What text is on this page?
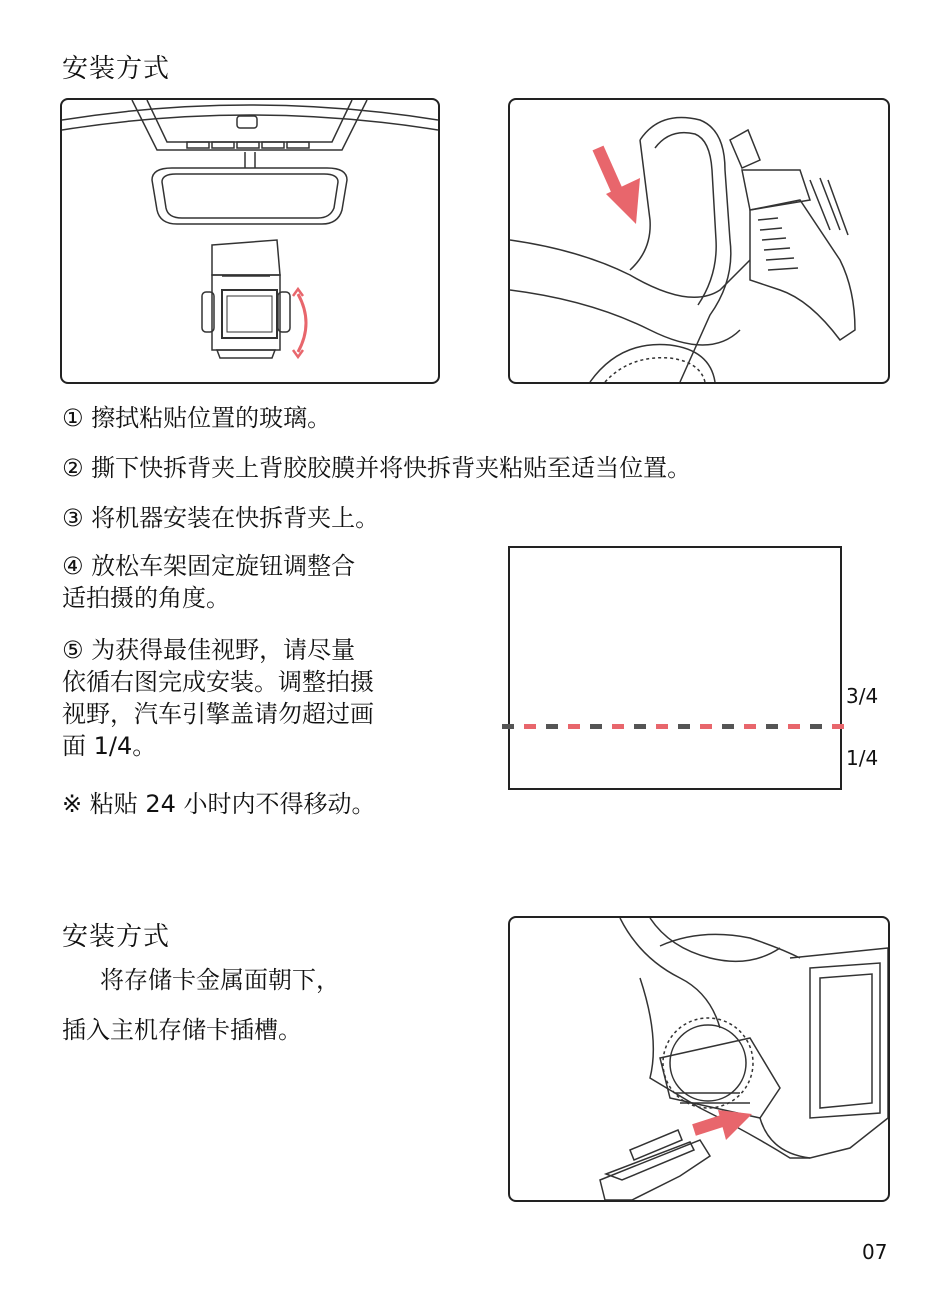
安装方式
① 擦拭粘贴位置的玻璃。
② 撕下快拆背夹上背胶胶膜并将快拆背夹粘贴至适当位置。
③ 将机器安装在快拆背夹上。
④ 放松车架固定旋钮调整合
适拍摄的角度。
⑤ 为获得最佳视野，请尽量
依循右图完成安装。调整拍摄
视野，汽车引擎盖请勿超过画
面 1/4。
※ 粘贴 24 小时内不得移动。
3/4
1/4
安装方式
将存储卡金属面朝下，
插入主机存储卡插槽。
07
